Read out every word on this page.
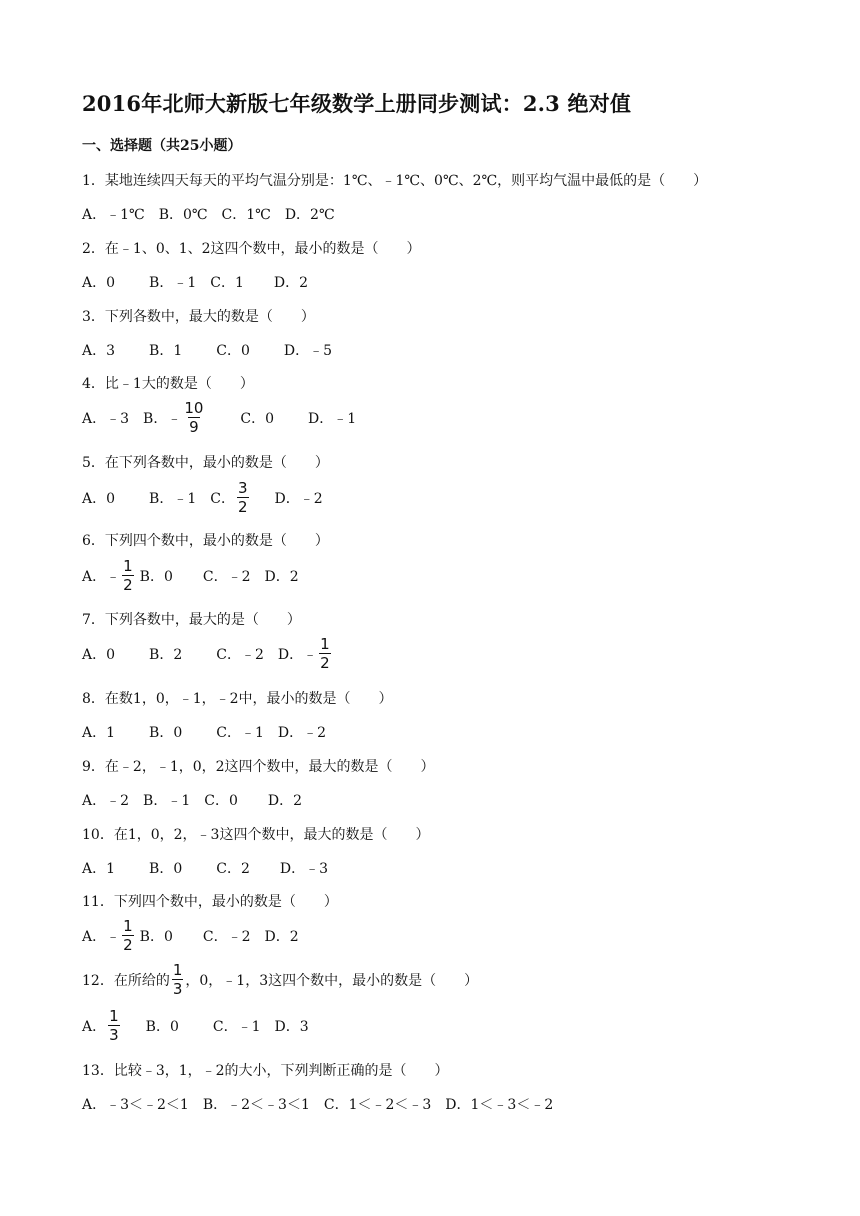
2016年北师大新版七年级数学上册同步测试：2.3 绝对值
一、选择题（共25小题）
1．某地连续四天每天的平均气温分别是：1℃、﹣1℃、0℃、2℃，则平均气温中最低的是（　　）
A．﹣1℃ B．0℃ C．1℃ D．2℃
2．在﹣1、0、1、2这四个数中，最小的数是（　　）
A．0 B．﹣1 C．1 D．2
3．下列各数中，最大的数是（　　）
A．3 B．1 C．0 D．﹣5
4．比﹣1大的数是（　　）
A．﹣3 B．﹣ $\frac{10}{9}$	C．0 D．﹣1
5．在下列各数中，最小的数是（　　）
A．0 B．﹣1 C． $\frac{3}{2}$ D．﹣2
6．下列四个数中，最小的数是（　　）
A．﹣ $\frac{1}{2}$ B．0 C．﹣2 D．2
7．下列各数中，最大的是（　　）
A．0 B．2 C．﹣2 D．﹣ $\frac{1}{2}$
8．在数1，0，﹣1，﹣2中，最小的数是（　　）
A．1 B．0 C．﹣1 D．﹣2
9．在﹣2，﹣1，0，2这四个数中，最大的数是（　　）
A．﹣2 B．﹣1 C．0 D．2
10．在1，0，2，﹣3这四个数中，最大的数是（　　）
A．1 B．0 C．2 D．﹣3
11．下列四个数中，最小的数是（　　）
A．﹣ $\frac{1}{2}$ B．0 C．﹣2 D．2
12．在所给的 $\frac{1}{3}$ ，0，﹣1，3这四个数中，最小的数是（　　）
A． $\frac{1}{3}$ B．0 C．﹣1 D．3
13．比较﹣3，1，﹣2的大小，下列判断正确的是（　　）
A．﹣3＜﹣2＜1 B．﹣2＜﹣3＜1 C．1＜﹣2＜﹣3 D．1＜﹣3＜﹣2
